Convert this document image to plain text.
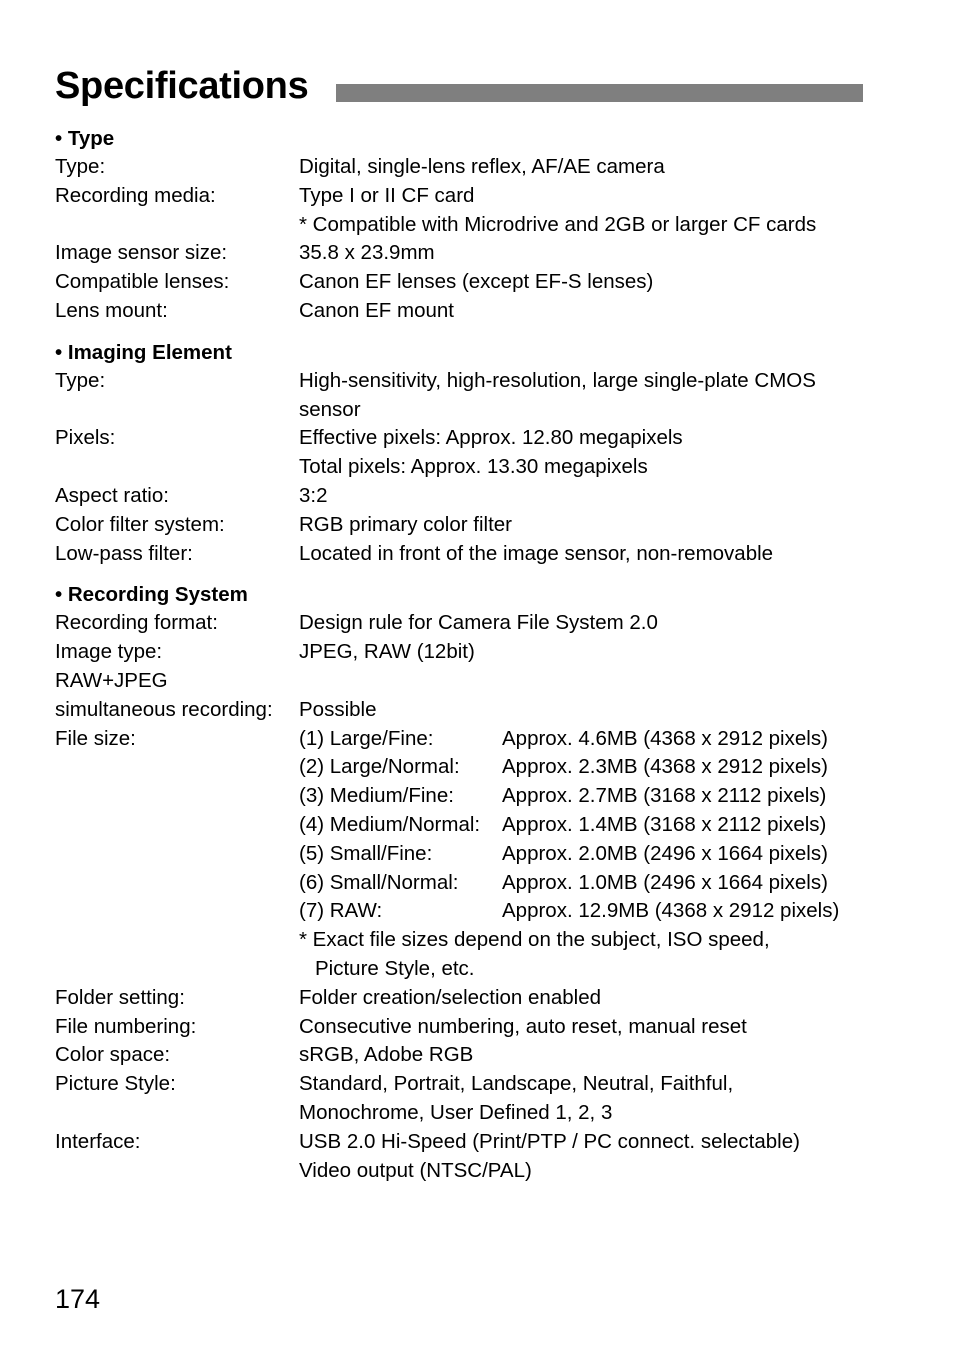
Specifications
• Type
Type:	Digital, single-lens reflex, AF/AE camera
Recording media:	Type I or II CF card
* Compatible with Microdrive and 2GB or larger CF cards
Image sensor size:	35.8 x 23.9mm
Compatible lenses:	Canon EF lenses (except EF-S lenses)
Lens mount:	Canon EF mount
• Imaging Element
Type:	High-sensitivity, high-resolution, large single-plate CMOS
sensor
Pixels:	Effective pixels: Approx. 12.80 megapixels
Total pixels: Approx. 13.30 megapixels
Aspect ratio:	3:2
Color filter system:	RGB primary color filter
Low-pass filter:	Located in front of the image sensor, non-removable
• Recording System
Recording format:	Design rule for Camera File System 2.0
Image type:	JPEG, RAW (12bit)
RAW+JPEG
simultaneous recording:	Possible
File size:	(1) Large/Fine:	Approx. 4.6MB (4368 x 2912 pixels)
(2) Large/Normal:	Approx. 2.3MB (4368 x 2912 pixels)
(3) Medium/Fine:	Approx. 2.7MB (3168 x 2112 pixels)
(4) Medium/Normal:	Approx. 1.4MB (3168 x 2112 pixels)
(5) Small/Fine:	Approx. 2.0MB (2496 x 1664 pixels)
(6) Small/Normal:	Approx. 1.0MB (2496 x 1664 pixels)
(7) RAW:	Approx. 12.9MB (4368 x 2912 pixels)
* Exact file sizes depend on the subject, ISO speed,
Picture Style, etc.
Folder setting:	Folder creation/selection enabled
File numbering:	Consecutive numbering, auto reset, manual reset
Color space:	sRGB, Adobe RGB
Picture Style:	Standard, Portrait, Landscape, Neutral, Faithful,
Monochrome, User Defined 1, 2, 3
Interface:	USB 2.0 Hi-Speed (Print/PTP / PC connect. selectable)
Video output (NTSC/PAL)
174
